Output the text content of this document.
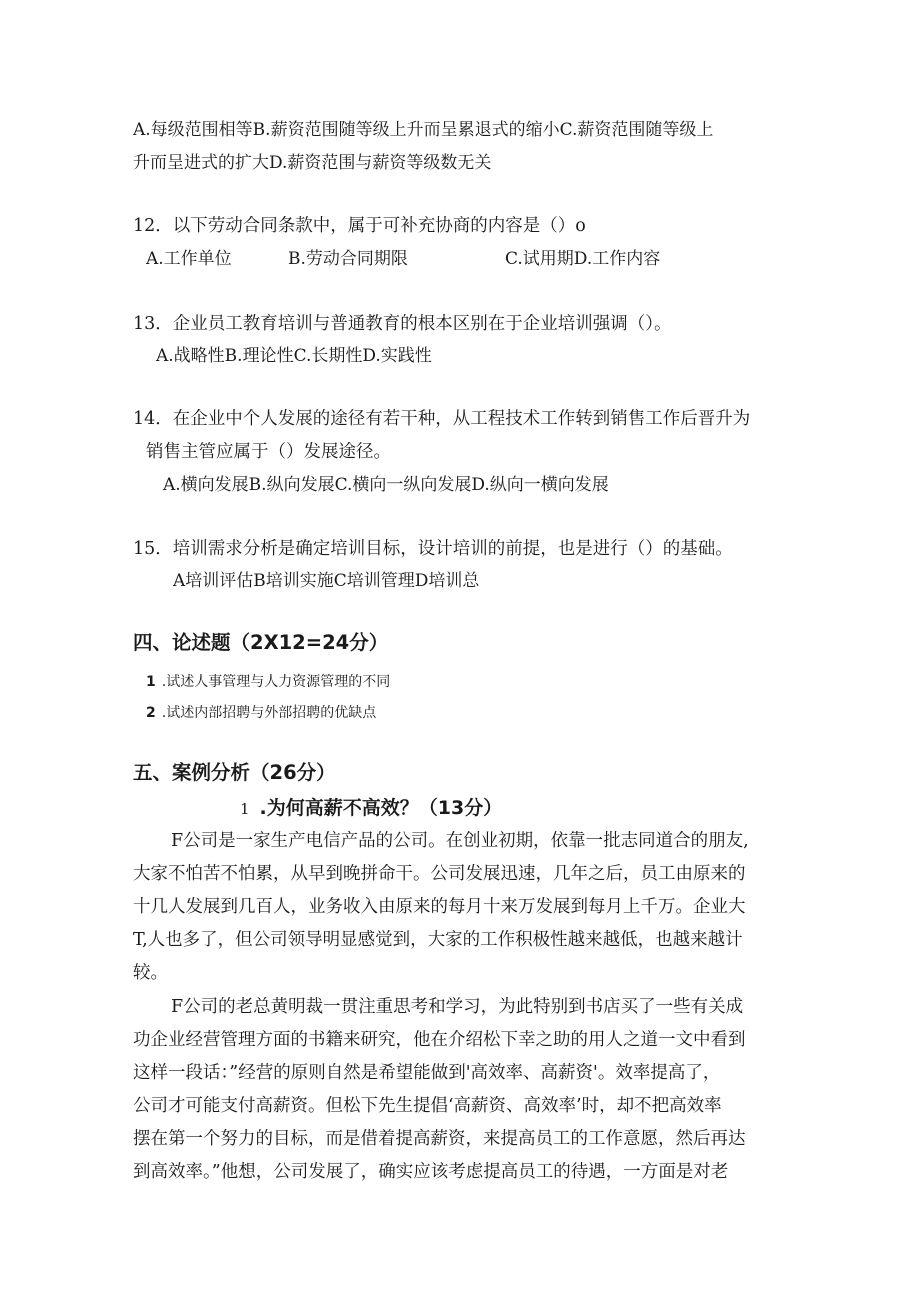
A.每级范围相等B.薪资范围随等级上升而呈累退式的缩小C.薪资范围随等级上
升而呈进式的扩大D.薪资范围与薪资等级数无关
12．以下劳动合同条款中，属于可补充协商的内容是（）o
A.工作单位	B.劳动合同期限	C.试用期D.工作内容
13．企业员工教育培训与普通教育的根本区别在于企业培训强调（）。
A.战略性B.理论性C.长期性D.实践性
14．在企业中个人发展的途径有若干种，从工程技术工作转到销售工作后晋升为
销售主管应属于（）发展途径。
A.横向发展B.纵向发展C.横向一纵向发展D.纵向一横向发展
15．培训需求分析是确定培训目标，设计培训的前提，也是进行（）的基础。
A培训评估B培训实施C培训管理D培训总
四、论述题（2X12=24分）
1 .试述人事管理与人力资源管理的不同
2 .试述内部招聘与外部招聘的优缺点
五、案例分析（26分）
1 .为何高薪不高效？（13分）
F公司是一家生产电信产品的公司。在创业初期，依靠一批志同道合的朋友,
大家不怕苦不怕累，从早到晚拼命干。公司发展迅速，几年之后，员工由原来的
十几人发展到几百人，业务收入由原来的每月十来万发展到每月上千万。企业大
T,人也多了，但公司领导明显感觉到，大家的工作积极性越来越低，也越来越计
较。
F公司的老总黄明裁一贯注重思考和学习，为此特别到书店买了一些有关成
功企业经营管理方面的书籍来研究，他在介绍松下幸之助的用人之道一文中看到
这样一段话：”经营的原则自然是希望能做到'高效率、高薪资'。效率提高了，
公司才可能支付高薪资。但松下先生提倡‘高薪资、高效率’时，却不把高效率
摆在第一个努力的目标，而是借着提高薪资，来提高员工的工作意愿，然后再达
到高效率。”他想，公司发展了，确实应该考虑提高员工的待遇，一方面是对老
